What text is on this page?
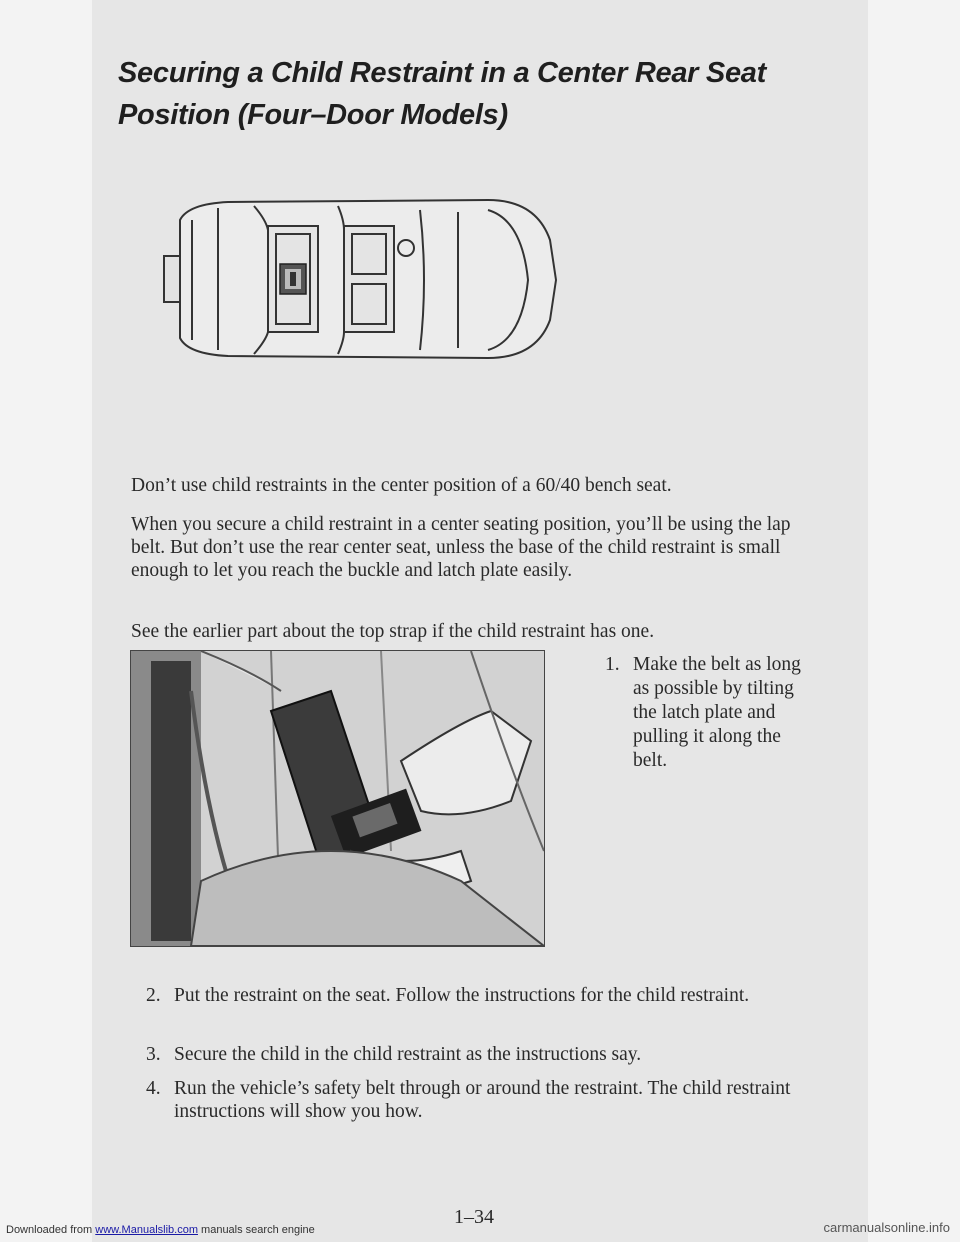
Securing a Child Restraint in a Center Rear Seat
Position (Four–Door Models)

Don’t use child restraints in the center position of a 60/40 bench seat.

When you secure a child restraint in a center seating position, you’ll be using the lap belt. But don’t use the rear center seat, unless the base of the child restraint is small enough to let you reach the buckle and latch plate easily.

See the earlier part about the top strap if the child restraint has one.

1. Make the belt as long as possible by tilting the latch plate and pulling it along the belt.
2. Put the restraint on the seat. Follow the instructions for the child restraint.
3. Secure the child in the child restraint as the instructions say.
4. Run the vehicle’s safety belt through or around the restraint. The child restraint instructions will show you how.
1–34
Downloaded from www.Manualslib.com manuals search engine	carmanualsonline.info
